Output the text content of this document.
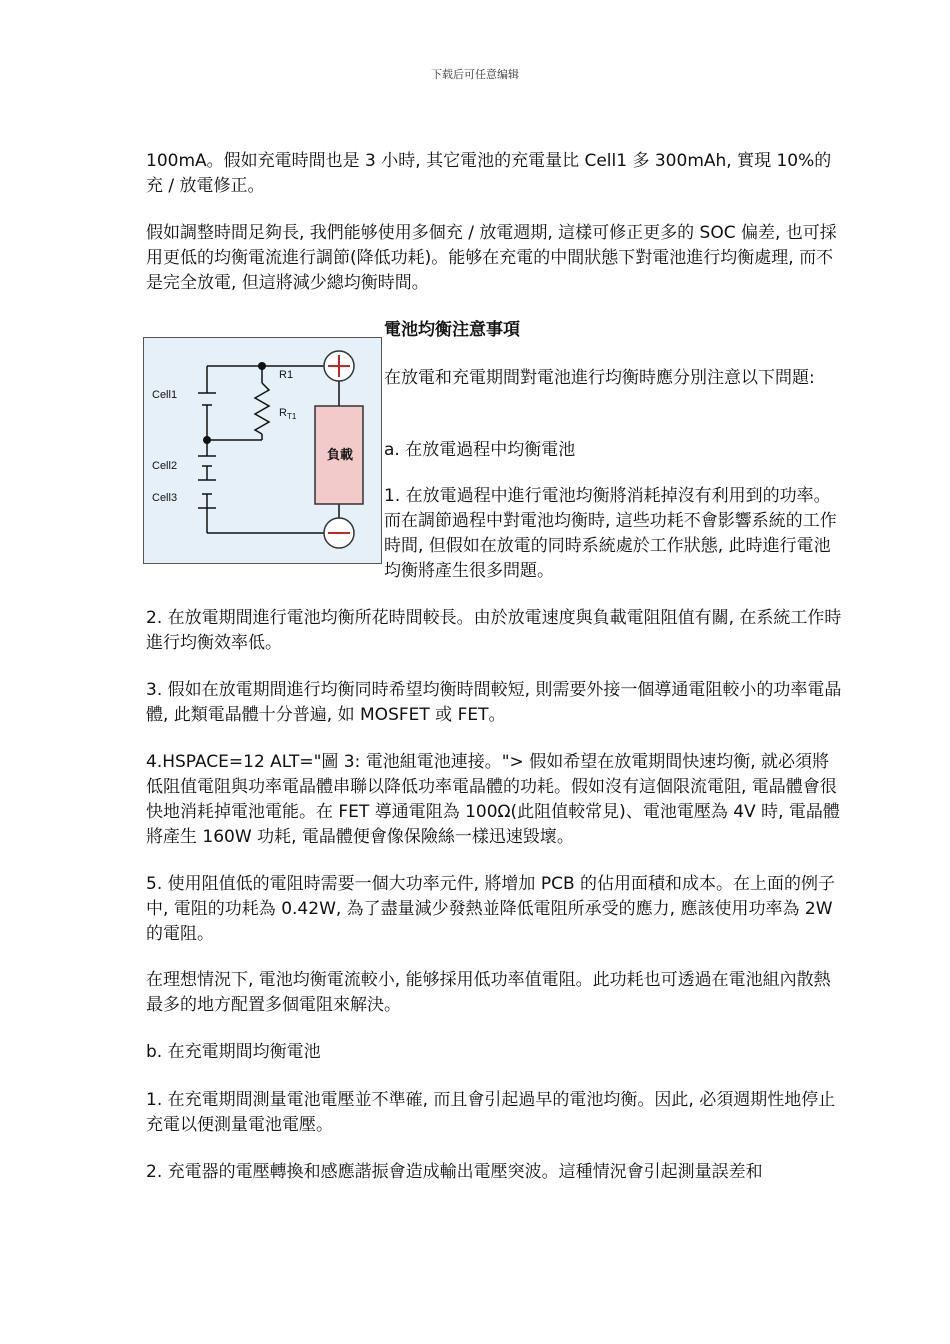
下载后可任意编辑

100mA。假如充電時間也是 3 小時, 其它電池的充電量比 Cell1 多 300mAh, 實現 10%的充 / 放電修正。

假如調整時間足夠長, 我們能够使用多個充 / 放電週期, 這樣可修正更多的 SOC 偏差, 也可採用更低的均衡電流進行調節(降低功耗)。能够在充電的中間狀態下對電池進行均衡處理, 而不是完全放電, 但這將減少總均衡時間。

Cell1
Cell2
Cell3
R1
$R_{T1}$
負載

電池均衡注意事項

在放電和充電期間對電池進行均衡時應分別注意以下問題:

a. 在放電過程中均衡電池

1. 在放電過程中進行電池均衡將消耗掉沒有利用到的功率。而在調節過程中對電池均衡時, 這些功耗不會影響系統的工作時間, 但假如在放電的同時系統處於工作狀態, 此時進行電池均衡將產生很多問題。

2. 在放電期間進行電池均衡所花時間較長。由於放電速度與負載電阻阻值有關, 在系統工作時進行均衡效率低。

3. 假如在放電期間進行均衡同時希望均衡時間較短, 則需要外接一個導通電阻較小的功率電晶體, 此類電晶體十分普遍, 如 MOSFET 或 FET。

4.HSPACE=12 ALT="圖 3: 電池組電池連接。"> 假如希望在放電期間快速均衡, 就必須將低阻值電阻與功率電晶體串聯以降低功率電晶體的功耗。假如沒有這個限流電阻, 電晶體會很快地消耗掉電池電能。在 FET 導通電阻為 100Ω(此阻值較常見)、電池電壓為 4V 時, 電晶體將產生 160W 功耗, 電晶體便會像保險絲一樣迅速毀壞。

5. 使用阻值低的電阻時需要一個大功率元件, 將增加 PCB 的佔用面積和成本。在上面的例子中, 電阻的功耗為 0.42W, 為了盡量減少發熱並降低電阻所承受的應力, 應該使用功率為 2W 的電阻。

在理想情況下, 電池均衡電流較小, 能够採用低功率值電阻。此功耗也可透過在電池組內散熱最多的地方配置多個電阻來解決。

b. 在充電期間均衡電池

1. 在充電期間測量電池電壓並不準確, 而且會引起過早的電池均衡。因此, 必須週期性地停止充電以便測量電池電壓。

2. 充電器的電壓轉換和感應諧振會造成輸出電壓突波。這種情況會引起測量誤差和
